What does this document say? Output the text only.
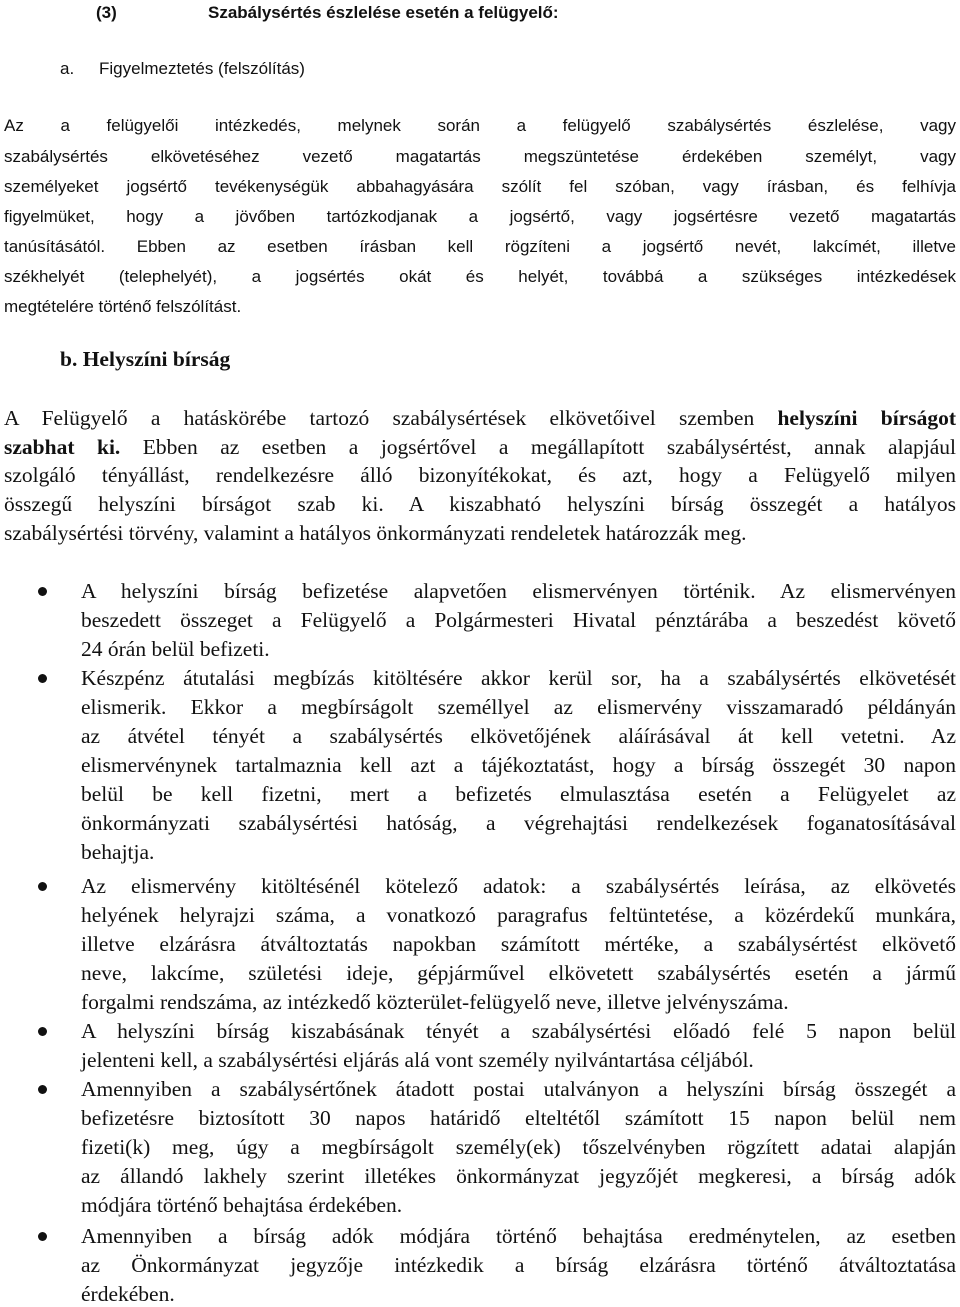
(3)	Szabálysértés észlelése esetén a felügyelő:
a. Figyelmeztetés (felszólítás)
Az a felügyelői intézkedés, melynek során a felügyelő szabálysértés észlelése, vagy
szabálysértés elkövetéséhez vezető magatartás megszüntetése érdekében személyt, vagy
személyeket jogsértő tevékenységük abbahagyására szólít fel szóban, vagy írásban, és felhívja
figyelmüket, hogy a jövőben tartózkodjanak a jogsértő, vagy jogsértésre vezető magatartás
tanúsításától. Ebben az esetben írásban kell rögzíteni a jogsértő nevét, lakcímét, illetve
székhelyét (telephelyét), a jogsértés okát és helyét, továbbá a szükséges intézkedések
megtételére történő felszólítást.
b. Helyszíni bírság
A Felügyelő a hatáskörébe tartozó szabálysértések elkövetőivel szemben helyszíni bírságot
szabhat ki. Ebben az esetben a jogsértővel a megállapított szabálysértést, annak alapjául
szolgáló tényállást, rendelkezésre álló bizonyítékokat, és azt, hogy a Felügyelő milyen
összegű helyszíni bírságot szab ki. A kiszabható helyszíni bírság összegét a hatályos
szabálysértési törvény, valamint a hatályos önkormányzati rendeletek határozzák meg.
A helyszíni bírság befizetése alapvetően elismervényen történik. Az elismervényen
beszedett összeget a Felügyelő a Polgármesteri Hivatal pénztárába a beszedést követő
24 órán belül befizeti.
Készpénz átutalási megbízás kitöltésére akkor kerül sor, ha a szabálysértés elkövetését
elismerik. Ekkor a megbírságolt személlyel az elismervény visszamaradó példányán
az átvétel tényét a szabálysértés elkövetőjének aláírásával át kell vetetni. Az
elismervénynek tartalmaznia kell azt a tájékoztatást, hogy a bírság összegét 30 napon
belül be kell fizetni, mert a befizetés elmulasztása esetén a Felügyelet az
önkormányzati szabálysértési hatóság, a végrehajtási rendelkezések foganatosításával
behajtja.
Az elismervény kitöltésénél kötelező adatok: a szabálysértés leírása, az elkövetés
helyének helyrajzi száma, a vonatkozó paragrafus feltüntetése, a közérdekű munkára,
illetve elzárásra átváltoztatás napokban számított mértéke, a szabálysértést elkövető
neve, lakcíme, születési ideje, gépjárművel elkövetett szabálysértés esetén a jármű
forgalmi rendszáma, az intézkedő közterület-felügyelő neve, illetve jelvényszáma.
A helyszíni bírság kiszabásának tényét a szabálysértési előadó felé 5 napon belül
jelenteni kell, a szabálysértési eljárás alá vont személy nyilvántartása céljából.
Amennyiben a szabálysértőnek átadott postai utalványon a helyszíni bírság összegét a
befizetésre biztosított 30 napos határidő elteltétől számított 15 napon belül nem
fizeti(k) meg, úgy a megbírságolt személy(ek) tőszelvényben rögzített adatai alapján
az állandó lakhely szerint illetékes önkormányzat jegyzőjét megkeresi, a bírság adók
módjára történő behajtása érdekében.
Amennyiben a bírság adók módjára történő behajtása eredménytelen, az esetben
az Önkormányzat jegyzője intézkedik a bírság elzárásra történő átváltoztatása
érdekében.
